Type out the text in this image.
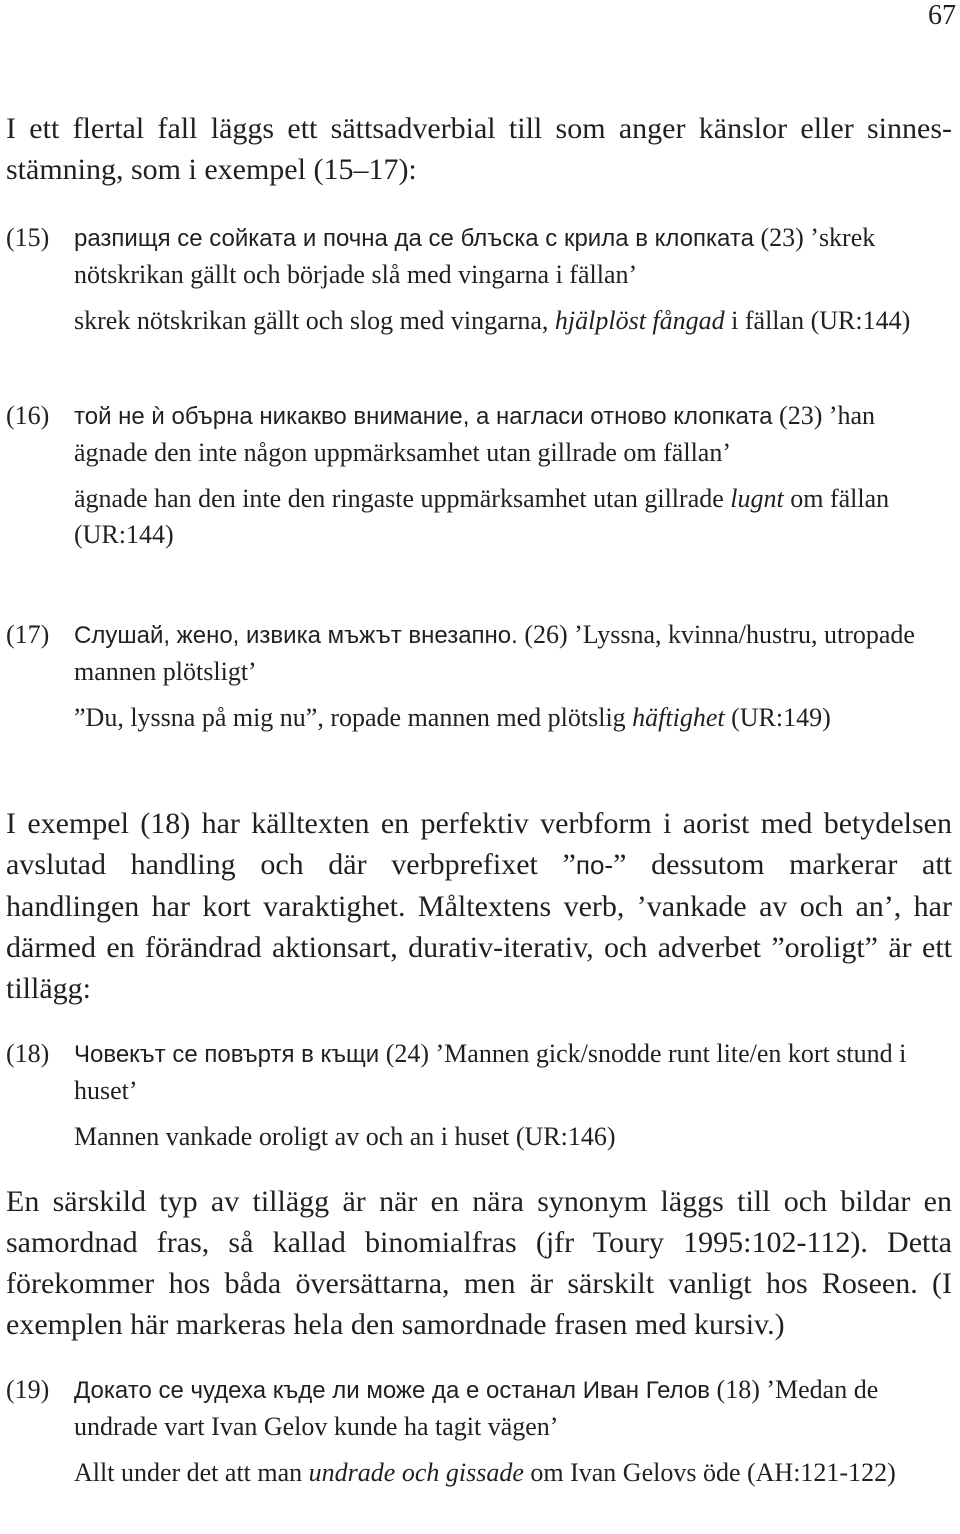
67

I ett flertal fall läggs ett sättsadverbial till som anger känslor eller sinnesstämning, som i exempel (15–17):

(15)	разпищя се сойката и почна да се блъска с крила в клопката (23) ’skrek nötskrikan gällt och började slå med vingarna i fällan’
skrek nötskrikan gällt och slog med vingarna, hjälplöst fångad i fällan (UR:144)
(16)	той не ѝ обърна никакво внимание, а нагласи отново клопката (23) ’han ägnade den inte någon uppmärksamhet utan gillrade om fällan’
ägnade han den inte den ringaste uppmärksamhet utan gillrade lugnt om fällan (UR:144)
(17)	Слушай, жено, извика мъжът внезапно. (26) ’Lyssna, kvinna/hustru, utropade mannen plötsligt’
”Du, lyssna på mig nu”, ropade mannen med plötslig häftighet (UR:149)

I exempel (18) har källtexten en perfektiv verbform i aorist med betydelsen avslutad handling och där verbprefixet ”по-” dessutom markerar att handlingen har kort varaktighet. Måltextens verb, ’vankade av och an’, har därmed en förändrad aktionsart, durativ-iterativ, och adverbet ”oroligt” är ett tillägg:

(18)	Човекът се повъртя в къщи (24) ’Mannen gick/snodde runt lite/en kort stund i huset’
Mannen vankade oroligt av och an i huset (UR:146)

En särskild typ av tillägg är när en nära synonym läggs till och bildar en samordnad fras, så kallad binomialfras (jfr Toury 1995:102-112). Detta förekommer hos båda översättarna, men är särskilt vanligt hos Roseen. (I exemplen här markeras hela den samordnade frasen med kursiv.)

(19)	Докато се чудеха къде ли може да е останал Иван Гелов (18) ’Medan de undrade vart Ivan Gelov kunde ha tagit vägen’
Allt under det att man undrade och gissade om Ivan Gelovs öde (AH:121-122)
